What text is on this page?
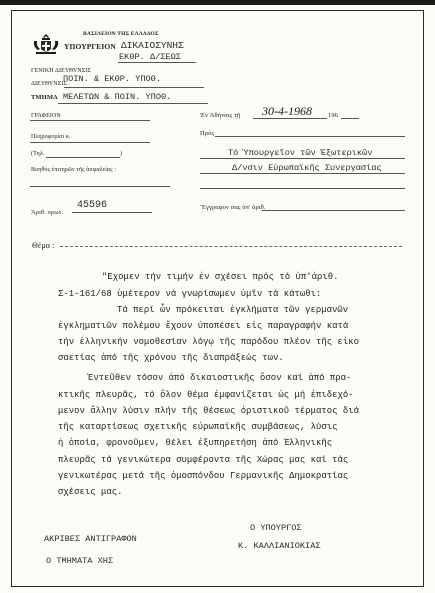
ΒΑΣΙΛΕΙΟΝ ΤΗΣ ΕΛΛΑΔΟΣ
ΥΠΟΥΡΓΕΙΟΝ ΔΙΚΑΙΟΣΥΝΗΣ
ΕΚΘΡ. Δ/ΣΕΩΣ
ΓΕΝΙΚΗ ΔΙΕΥΘΥΝΣΙΣ
ΠΟΙΝ. & ΕΚΘΡ. ΥΠΟΘ.
ΔΙΕΥΘΥΝΣΙΣ
ΤΜΗΜΑ ΜΕΛΕΤΩΝ & ΠΟΙΝ. ΥΠΟΘ.
ΓΡΑΦΕΙΟΝ
Πληροφορίαι κ.
(Τηλ.	)
Βοηθός ἐπιτηρῶν τῆς ἀσφαλείας :
Ἀριθ. πρωτ.
45596
Ἐν Ἀθήναις τῇ 30-4-1968 196
Πρός
Τό Ὑπουργεῖον τῶν Ἐξωτερικῶν
Δ/νσιν Εὐρωπαϊκῆς Συνεργασίας
Ἔγγραφον σας ὑπ' ἀριθ.
Θέμα :
"Εχομεν τήν τιμήν ἐν σχέσει πρός τό ὑπ'ἀριθ.
Σ-1-161/68 ὑμέτερον νά γνωρίσωμεν ὑμῖν τά κάτωθι:
Τά περί ὧν πρόκειται ἐγκλήματα τῶν γερμανῶν
ἐγκληματιῶν πολέμου ἔχουν ὑποπέσει εἰς παραγραφήν κατά
τήν ἑλληνικήν νομοθεσίαν λόγῳ τῆς παρόδου πλέον τῆς εἰκο
σαετίας ἀπό τῆς χρόνου τῆς διαπράξεώς των.
Ἐντεῦθεν τόσον ἀπό δικαιοστικῆς ὅσον καί ἀπό πρα-
κτικῆς πλευρᾶς, τό ὅλον θέμα ἐμφανίζεται ὡς μή ἐπιδεχό-
μενον ἄλλην λύσιν πλήν τῆς θέσεως ὁριστικοῦ τέρματος διά
τῆς καταρτίσεως σχετικῆς εὐρωπαϊκῆς συμβάσεως, λύσις
ἡ ὁποία, φρονοῦμεν, θέλει ἐξυπηρετήση ἀπό Ἑλληνικῆς
πλευρᾶς τά γενικώτερα συμφέροντα τῆς Χώρας μας καί τάς
γενικωτέρας μετά τῆς ὁμοσπόνδου Γερμανικῆς Δημοκρατίας
σχέσεις μας.
Ο ΥΠΟΥΡΓΟΣ
Κ. ΚΑΛΛΙΑΝΙΟΚΙΑΣ
ΑΚΡΙΒΕΣ ΑΝΤΙΓΡΑΦΟΝ
Ο ΤΜΗΜΑΤΑ ΧΗΣ
